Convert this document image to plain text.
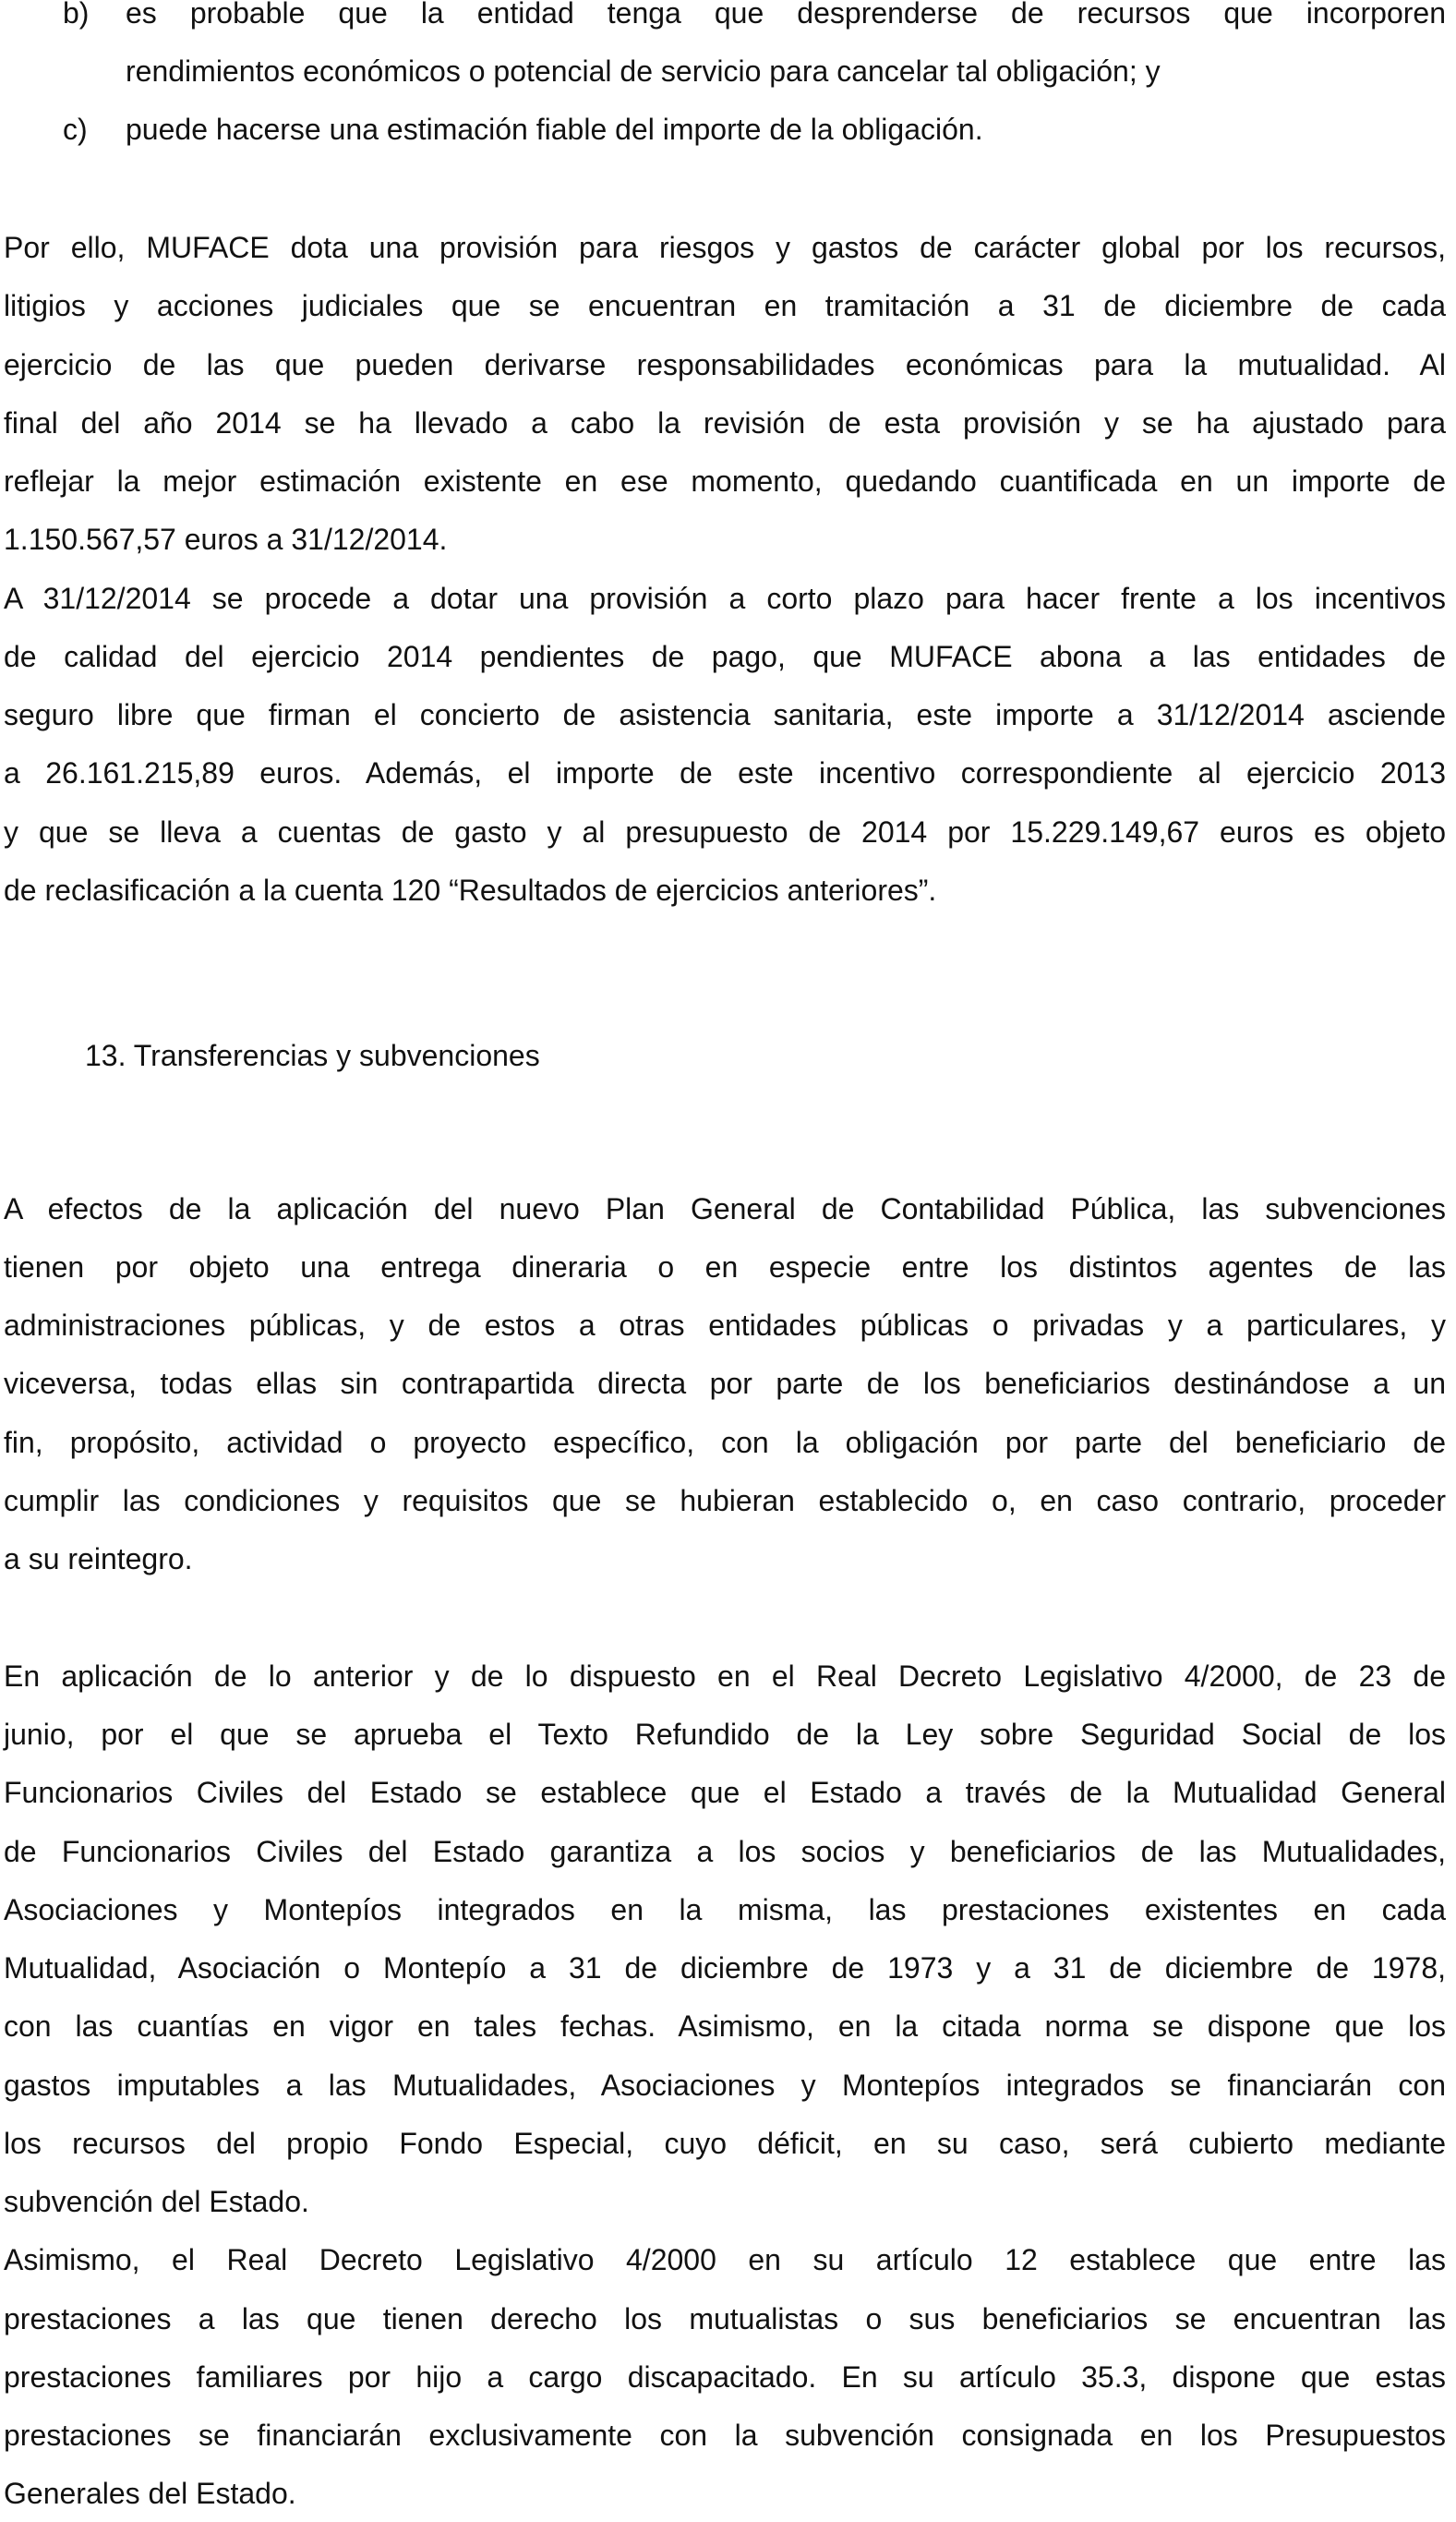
b) es probable que la entidad tenga que desprenderse de recursos que incorporen
rendimientos económicos o potencial de servicio para cancelar tal obligación; y
c) puede hacerse una estimación fiable del importe de la obligación.

Por ello, MUFACE dota una provisión para riesgos y gastos de carácter global por los recursos,

litigios y acciones judiciales que se encuentran en tramitación a 31 de diciembre de cada

ejercicio de las que pueden derivarse responsabilidades económicas para la mutualidad. Al

final del año 2014 se ha llevado a cabo la revisión de esta provisión y se ha ajustado para

reflejar la mejor estimación existente en ese momento, quedando cuantificada en un importe de

1.150.567,57 euros a 31/12/2014.

A 31/12/2014 se procede a dotar una provisión a corto plazo para hacer frente a los incentivos

de calidad del ejercicio 2014 pendientes de pago, que MUFACE abona a las entidades de

seguro libre que firman el concierto de asistencia sanitaria, este importe a 31/12/2014 asciende

a 26.161.215,89 euros. Además, el importe de este incentivo correspondiente al ejercicio 2013

y que se lleva a cuentas de gasto y al presupuesto de 2014 por 15.229.149,67 euros es objeto

de reclasificación a la cuenta 120 “Resultados de ejercicios anteriores”.

13. Transferencias y subvenciones

A efectos de la aplicación del nuevo Plan General de Contabilidad Pública, las subvenciones

tienen por objeto una entrega dineraria o en especie entre los distintos agentes de las

administraciones públicas, y de estos a otras entidades públicas o privadas y a particulares, y

viceversa, todas ellas sin contrapartida directa por parte de los beneficiarios destinándose a un

fin, propósito, actividad o proyecto específico, con la obligación por parte del beneficiario de

cumplir las condiciones y requisitos que se hubieran establecido o, en caso contrario, proceder

a su reintegro.

En aplicación de lo anterior y de lo dispuesto en el Real Decreto Legislativo 4/2000, de 23 de

junio, por el que se aprueba el Texto Refundido de la Ley sobre Seguridad Social de los

Funcionarios Civiles del Estado se establece que el Estado a través de la Mutualidad General

de Funcionarios Civiles del Estado garantiza a los socios y beneficiarios de las Mutualidades,

Asociaciones y Montepíos integrados en la misma, las prestaciones existentes en cada

Mutualidad, Asociación o Montepío a 31 de diciembre de 1973 y a 31 de diciembre de 1978,

con las cuantías en vigor en tales fechas. Asimismo, en la citada norma se dispone que los

gastos imputables a las Mutualidades, Asociaciones y Montepíos integrados se financiarán con

los recursos del propio Fondo Especial, cuyo déficit, en su caso, será cubierto mediante

subvención del Estado.

Asimismo, el Real Decreto Legislativo 4/2000 en su artículo 12 establece que entre las

prestaciones a las que tienen derecho los mutualistas o sus beneficiarios se encuentran las

prestaciones familiares por hijo a cargo discapacitado. En su artículo 35.3, dispone que estas

prestaciones se financiarán exclusivamente con la subvención consignada en los Presupuestos

Generales del Estado.
